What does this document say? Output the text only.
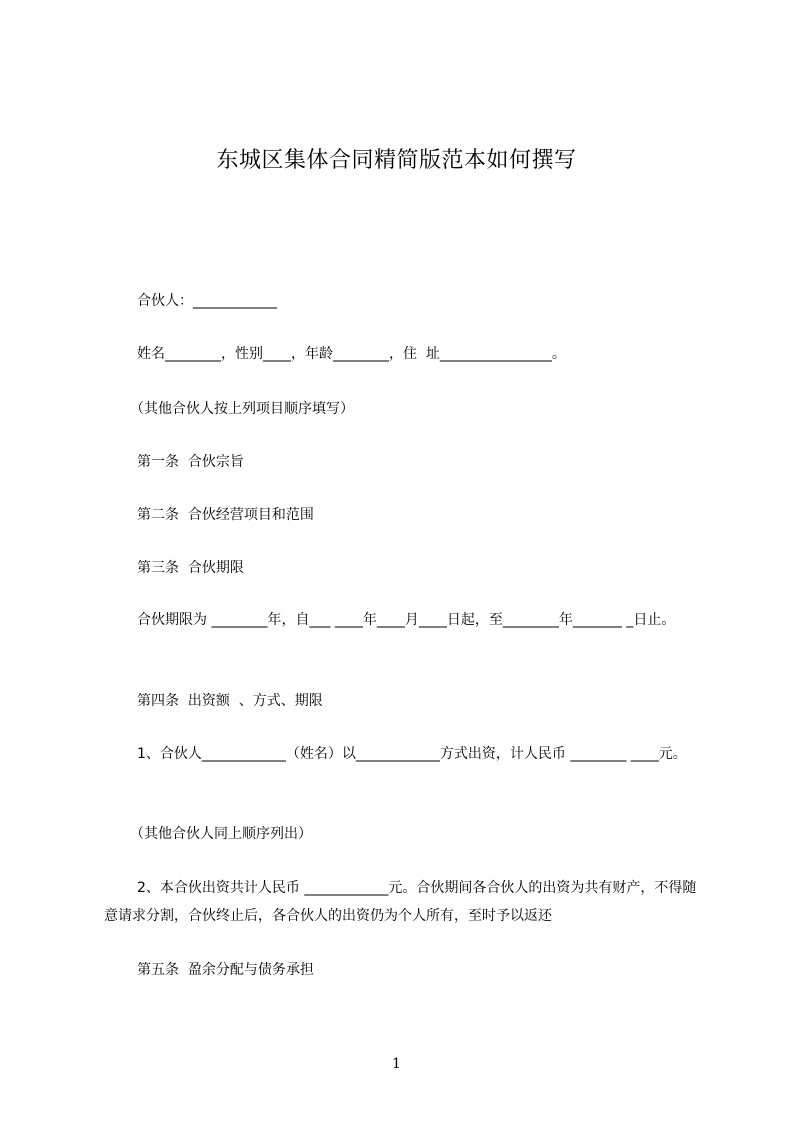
东城区集体合同精简版范本如何撰写
合伙人：____________
姓名________，性别____，年龄________，住  址________________。
（其他合伙人按上列项目顺序填写）
第一条  合伙宗旨
第二条  合伙经营项目和范围
第三条  合伙期限
合伙期限为 ________年，自___ ____年____月____日起，至________年_______ _日止。
第四条  出资额  、方式、期限
1、合伙人____________（姓名）以____________方式出资，计人民币 ________ ____元。
（其他合伙人同上顺序列出）
2、本合伙出资共计人民币 ____________元。合伙期间各合伙人的出资为共有财产，不得随意请求分割，合伙终止后，各合伙人的出资仍为个人所有，至时予以返还
第五条  盈余分配与债务承担
1
